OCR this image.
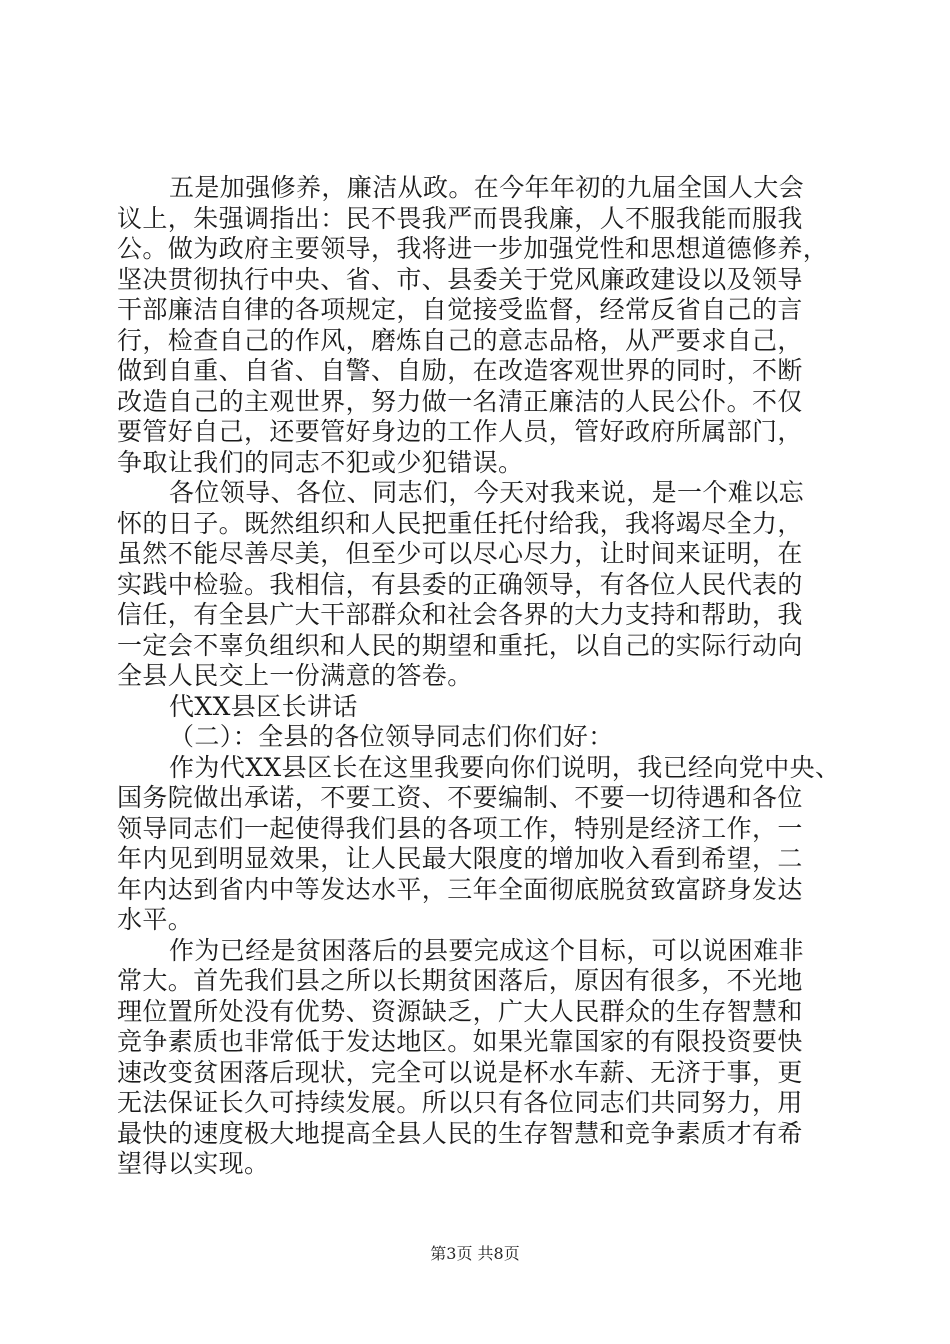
五是加强修养，廉洁从政。在今年年初的九届全国人大会
议上，朱强调指出：民不畏我严而畏我廉，人不服我能而服我
公。做为政府主要领导，我将进一步加强党性和思想道德修养，
坚决贯彻执行中央、省、市、县委关于党风廉政建设以及领导
干部廉洁自律的各项规定，自觉接受监督，经常反省自己的言
行，检查自己的作风，磨炼自己的意志品格，从严要求自己，
做到自重、自省、自警、自励，在改造客观世界的同时，不断
改造自己的主观世界，努力做一名清正廉洁的人民公仆。不仅
要管好自己，还要管好身边的工作人员，管好政府所属部门，
争取让我们的同志不犯或少犯错误。
各位领导、各位、同志们，今天对我来说，是一个难以忘
怀的日子。既然组织和人民把重任托付给我，我将竭尽全力，
虽然不能尽善尽美，但至少可以尽心尽力，让时间来证明，在
实践中检验。我相信，有县委的正确领导，有各位人民代表的
信任，有全县广大干部群众和社会各界的大力支持和帮助，我
一定会不辜负组织和人民的期望和重托，以自己的实际行动向
全县人民交上一份满意的答卷。
代XX县区长讲话
（二）：全县的各位领导同志们你们好：
作为代XX县区长在这里我要向你们说明，我已经向党中央、
国务院做出承诺，不要工资、不要编制、不要一切待遇和各位
领导同志们一起使得我们县的各项工作，特别是经济工作，一
年内见到明显效果，让人民最大限度的增加收入看到希望，二
年内达到省内中等发达水平，三年全面彻底脱贫致富跻身发达
水平。
作为已经是贫困落后的县要完成这个目标，可以说困难非
常大。首先我们县之所以长期贫困落后，原因有很多，不光地
理位置所处没有优势、资源缺乏，广大人民群众的生存智慧和
竞争素质也非常低于发达地区。如果光靠国家的有限投资要快
速改变贫困落后现状，完全可以说是杯水车薪、无济于事，更
无法保证长久可持续发展。所以只有各位同志们共同努力，用
最快的速度极大地提高全县人民的生存智慧和竞争素质才有希
望得以实现。
第3页 共8页
